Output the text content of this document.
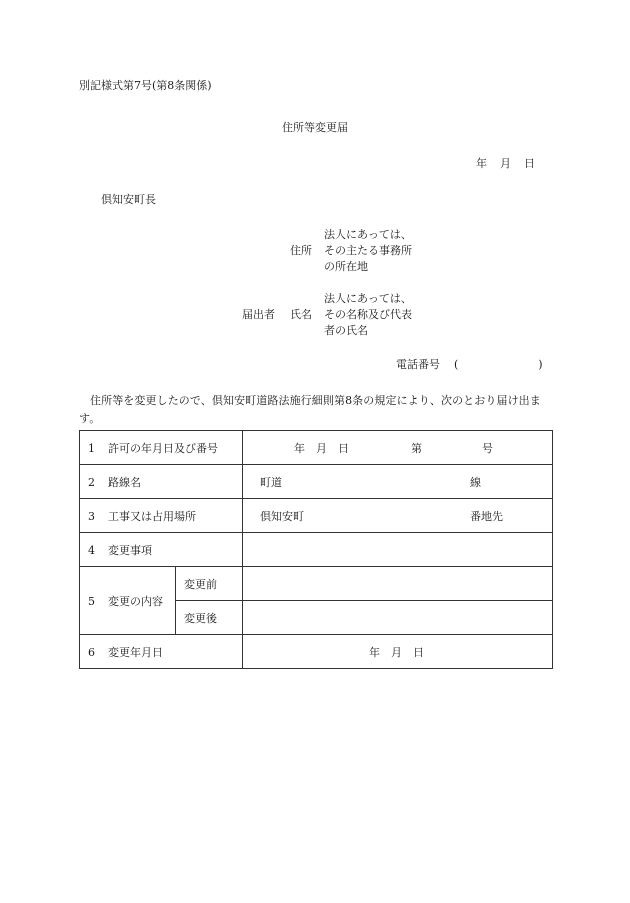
別記様式第7号(第8条関係)
住所等変更届
年　月　日
倶知安町長
住所
法人にあっては、
その主たる事務所
の所在地
届出者 氏名
法人にあっては、
その名称及び代表
者の氏名
電話番号 (	)
住所等を変更したので、倶知安町道路法施行細則第8条の規定により、次のとおり届け出ます。
1 許可の年月日及び番号		年　月　日 第 号
2 路線名		町道 線
3 工事又は占用場所		倶知安町 番地先
4 変更事項		
5 変更の内容	変更前	
	変更後	
6 変更年月日		年　月　日
